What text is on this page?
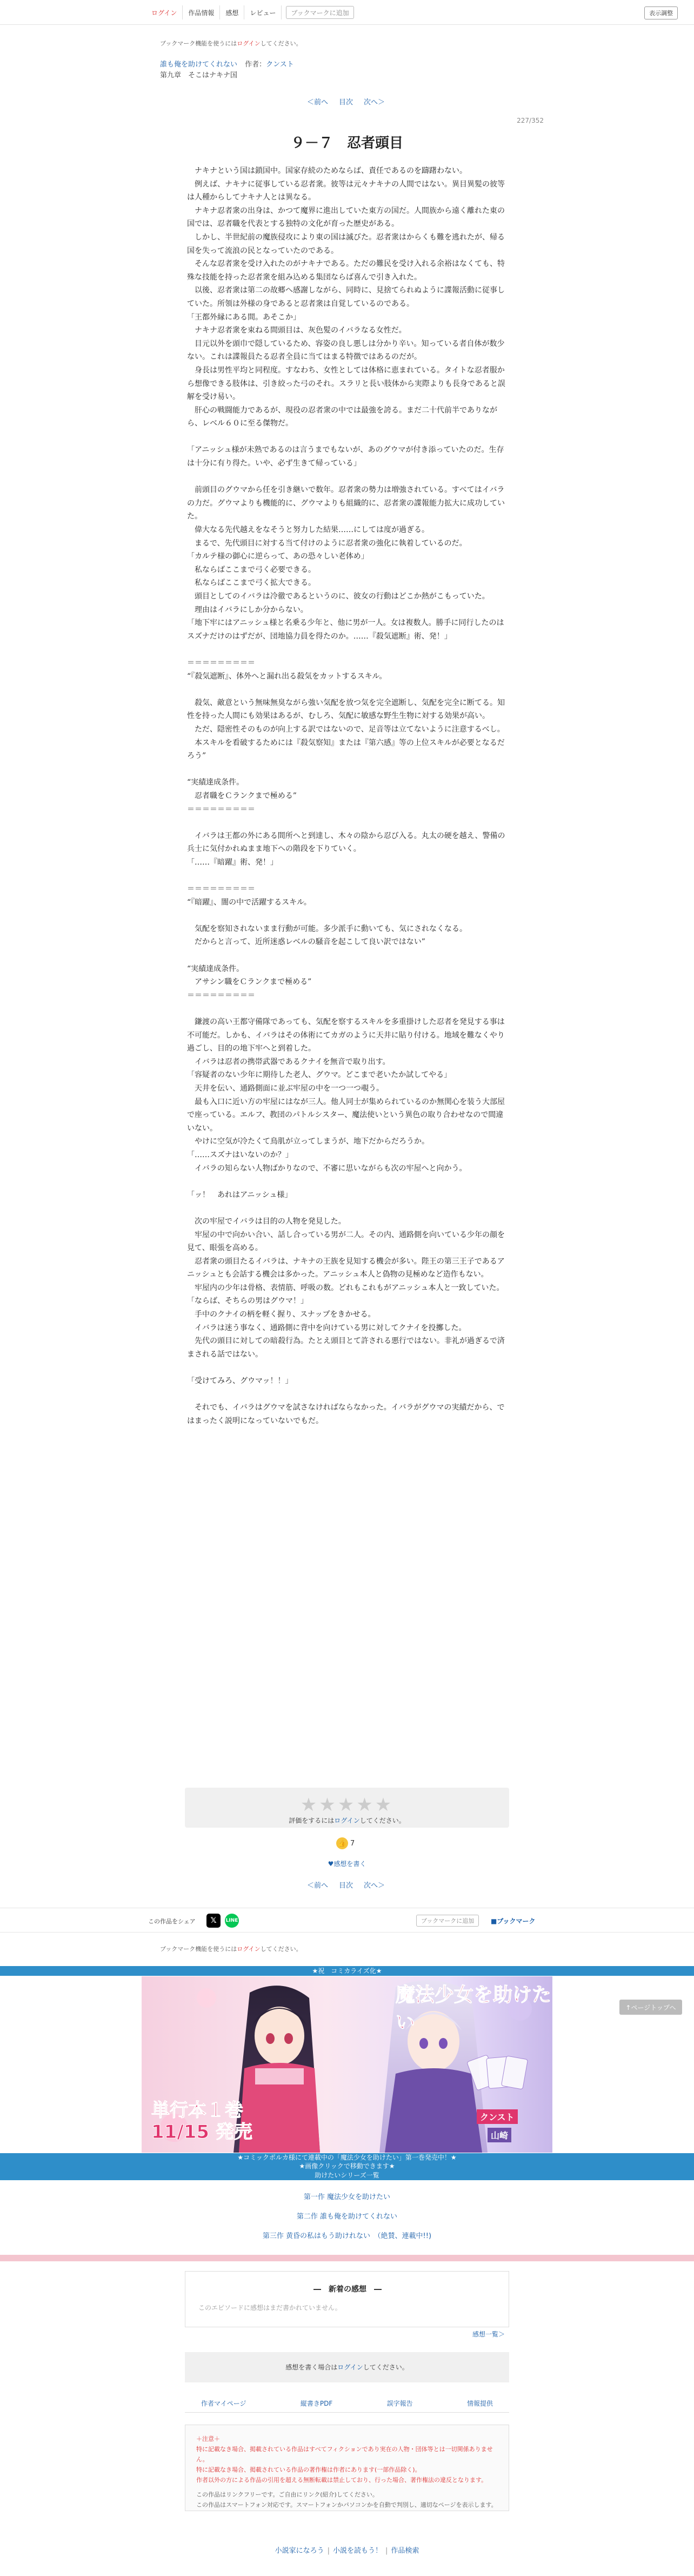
ログイン	作品情報	感想	レビュー	ブックマークに追加	表示調整
ブックマーク機能を使うにはログインしてください。
誰も俺を助けてくれない 作者：クンスト
第九章　そこはナキナ国
＜前へ 目次 次へ＞
227/352
９－７　忍者頭目

　ナキナという国は鎖国中。国家存続のためならば、責任であるのを躊躇わない。

　例えば、ナキナに従事している忍者衆。彼等は元々ナキナの人間ではない。異目異髪の彼等は人種からしてナキナ人とは異なる。

　ナキナ忍者衆の出身は、かつて魔界に進出していた東方の国だ。人間族から遠く離れた東の国では、忍者職を代表とする独特の文化が育った歴史がある。

　しかし、半世紀前の魔族侵攻により東の国は滅びた。忍者衆はからくも難を逃れたが、帰る国を失って流浪の民となっていたのである。

　そんな忍者衆を受け入れたのがナキナである。ただの難民を受け入れる余裕はなくても、特殊な技能を持った忍者衆を組み込める集団ならば喜んで引き入れた。

　以後、忍者衆は第二の故郷へ感謝しながら、同時に、見捨てられぬように諜報活動に従事していた。所領は外様の身であると忍者衆は自覚しているのである。

「王都外縁にある間。あそこか」

　ナキナ忍者衆を束ねる間頭目は、灰色髪のイバラなる女性だ。

　目元以外を頭巾で隠しているため、容姿の良し悪しは分かり辛い。知っている者自体が数少ない。これは諜報員たる忍者全員に当てはまる特徴ではあるのだが。

　身長は男性平均と同程度。すなわち、女性としては体格に恵まれている。タイトな忍者服から想像できる肢体は、引き絞った弓のそれ。スラリと長い肢体から実際よりも長身であると誤解を受け易い。

　肝心の戦闘能力であるが、現役の忍者衆の中では最強を誇る。まだ二十代前半でありながら、レベル６０に至る傑物だ。

「アニッシュ様が未熟であるのは言うまでもないが、あのグウマが付き添っていたのだ。生存は十分に有り得た。いや、必ず生きて帰っている」

　前頭目のグウマから任を引き継いで数年。忍者衆の勢力は増強されている。すべてはイバラの力だ。グウマよりも機能的に、グウマよりも組織的に、忍者衆の諜報能力拡大に成功していた。

　偉大なる先代越えをなそうと努力した結果……にしては度が過ぎる。

　まるで、先代頭目に対する当て付けのように忍者衆の強化に執着しているのだ。

「カルテ様の御心に逆らって、あの恐々しい老体め」

　私ならばここまで弓く必要できる。

　私ならばここまで弓く拡大できる。

　頭目としてのイバラは冷徹であるというのに、彼女の行動はどこか熱がこもっていた。

　理由はイバラにしか分からない。

「地下牢にはアニッシュ様と名乗る少年と、他に男が一人。女は複数人。勝手に同行したのはスズナだけのはずだが、団地協力員を得たのか。……『殺気遮断』術、発！」

＝＝＝＝＝＝＝＝＝

“『殺気遮断』、体外へと漏れ出る殺気をカットするスキル。

　殺気、敵意という無味無臭ながら強い気配を放つ気を完全遮断し、気配を完全に断てる。知性を持った人間にも効果はあるが、むしろ、気配に敏感な野生生物に対する効果が高い。

　ただ、隠密性そのものが向上する訳ではないので、足音等は立てないように注意するべし。

　本スキルを看破するためには『殺気察知』または『第六感』等の上位スキルが必要となるだろう”

“実績達成条件。

　忍者職をＣランクまで極める”

＝＝＝＝＝＝＝＝＝

　イバラは王都の外にある間所へと到達し、木々の陰から忍び入る。丸太の硬を越え、警備の兵士に気付かれぬまま地下への階段を下りていく。

「……『暗躍』術、発！」

＝＝＝＝＝＝＝＝＝

“『暗躍』、闇の中で活躍するスキル。

　気配を察知されないまま行動が可能。多少派手に動いても、気にされなくなる。

　だからと言って、近所迷惑レベルの騒音を起こして良い訳ではない”

“実績達成条件。

　アサシン職をＣランクまで極める”

＝＝＝＝＝＝＝＝＝

　鎌渡の高い王都守備隊であっても、気配を察するスキルを多重掛けした忍者を発見する事は不可能だ。しかも、イバラはその体術にてカガのように天井に貼り付ける。地域を難なくやり過ごし、目的の地下牢へと到着した。

　イバラは忍者の携帯武器であるクナイを無音で取り出す。

「容疑者のない少年に期待した老人、グウマ。どこまで老いたか試してやる」

　天井を伝い、通路側面に並ぶ牢屋の中を一つ一つ覗う。

　最も入口に近い方の牢屋にはなが三人。他人同士が集められているのか無関心を装う大部屋で座っている。エルフ、教団のパトルシスター、魔法使いという異色の取り合わせなので間違いない。

　やけに空気が冷たくて鳥肌が立ってしまうが、地下だからだろうか。

「……スズナはいないのか？」

　イバラの知らない人物ばかりなので、不審に思いながらも次の牢屋へと向かう。

「ッ！　あれはアニッシュ様」

　次の牢屋でイバラは目的の人物を発見した。

　牢屋の中で向かい合い、話し合っている男が二人。その内、通路側を向いている少年の顔を見て、眼張を高める。

　忍者衆の頭目たるイバラは、ナキナの王族を見知する機会が多い。陛王の第三王子であるアニッシュとも会話する機会は多かった。アニッシュ本人と偽物の見極めなど造作もない。

　牢屋内の少年は骨格、表情筋、呼吸の数。どれもこれもがアニッシュ本人と一致していた。

「ならば、そちらの男はグウマ！」

　手中のクナイの柄を軽く握り、スナップをきかせる。

　イバラは迷う事なく、通路側に背中を向けている男に対してクナイを投擲した。

　先代の頭目に対しての暗殺行為。たとえ頭目とて許される悪行ではない。非礼が過ぎるで済まされる話ではない。

「受けてみろ、グウマッ！！」

　それでも、イバラはグウマを試さなければならなかった。イバラがグウマの実績だから、ではまったく説明になっていないでもだ。

★★★★★
評価をするにはログインしてください。
👍 7
♥感想を書く
＜前へ 目次 次へ＞
この作品をシェア	𝕏	LINE	ブックマークに追加	■ブックマーク
ブックマーク機能を使うにはログインしてください。
★祝　コミカライズ化★
魔法少女を助けたい
単行本１巻 11/15 発売
クンスト
山崎
↑ページトップへ
★コミックポルカ様にて連載中の「魔法少女を助けたい」第一巻発売中！★
★画像クリックで移動できます★
助けたいシリーズ一覧
第一作 魔法少女を助けたい
第二作 誰も俺を助けてくれない
第三作 黄昏の私はもう助けれない　（絶賛、連載中!!)
―　新着の感想　―
このエピソードに感想はまだ書かれていません。
感想一覧＞
感想を書く場合はログインしてください。
作者マイページ	縦書きPDF	誤字報告	情報提供
＋注意＋
特に記載なき場合、掲載されている作品はすべてフィクションであり実在の人物・団体等とは一切関係ありません。
特に記載なき場合、掲載されている作品の著作権は作者にあります(一部作品除く)。
作者以外の方による作品の引用を超える無断転載は禁止しており、行った場合、著作権法の違反となります。
この作品はリンクフリーです。ご自由にリンク(紹介)してください。
この作品はスマートフォン対応です。スマートフォンかパソコンかを自動で判別し、適切なページを表示します。
小説家になろう | 小説を読もう！ | 作品検索
